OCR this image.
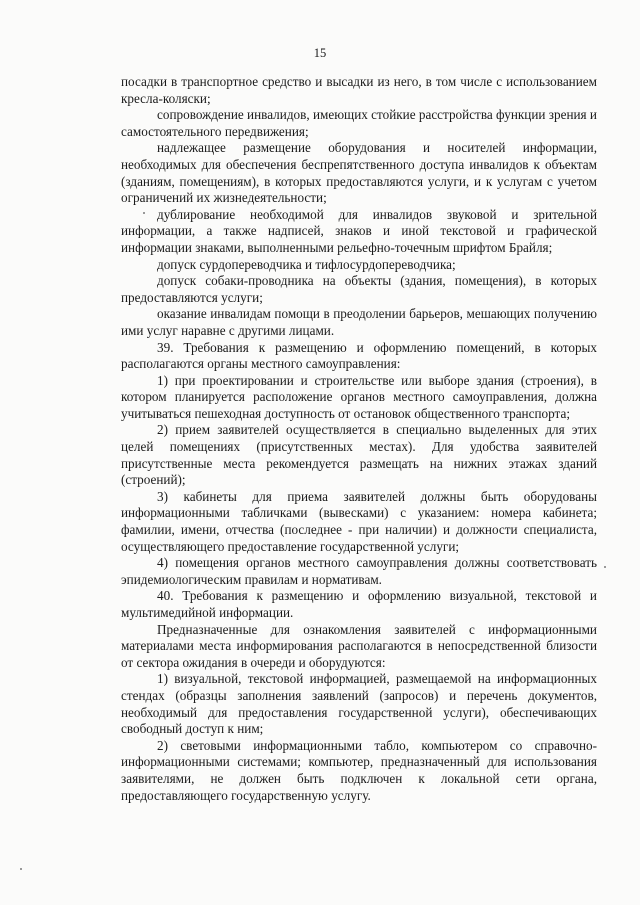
15

посадки в транспортное средство и высадки из него, в том числе с использованием кресла-коляски;

сопровождение инвалидов, имеющих стойкие расстройства функции зрения и самостоятельного передвижения;

надлежащее размещение оборудования и носителей информации, необходимых для обеспечения беспрепятственного доступа инвалидов к объектам (зданиям, помещениям), в которых предоставляются услуги, и к услугам с учетом ограничений их жизнедеятельности;

дублирование необходимой для инвалидов звуковой и зрительной информации, а также надписей, знаков и иной текстовой и графической информации знаками, выполненными рельефно-точечным шрифтом Брайля;

допуск сурдопереводчика и тифлосурдопереводчика;

допуск собаки-проводника на объекты (здания, помещения), в которых предоставляются услуги;

оказание инвалидам помощи в преодолении барьеров, мешающих получению ими услуг наравне с другими лицами.

39. Требования к размещению и оформлению помещений, в которых располагаются органы местного самоуправления:

1) при проектировании и строительстве или выборе здания (строения), в котором планируется расположение органов местного самоуправления, должна учитываться пешеходная доступность от остановок общественного транспорта;

2) прием заявителей осуществляется в специально выделенных для этих целей помещениях (присутственных местах). Для удобства заявителей присутственные места рекомендуется размещать на нижних этажах зданий (строений);

3) кабинеты для приема заявителей должны быть оборудованы информационными табличками (вывесками) с указанием: номера кабинета; фамилии, имени, отчества (последнее - при наличии) и должности специалиста, осуществляющего предоставление государственной услуги;

4) помещения органов местного самоуправления должны соответствовать эпидемиологическим правилам и нормативам.

40. Требования к размещению и оформлению визуальной, текстовой и мультимедийной информации.

Предназначенные для ознакомления заявителей с информационными материалами места информирования располагаются в непосредственной близости от сектора ожидания в очереди и оборудуются:

1) визуальной, текстовой информацией, размещаемой на информационных стендах (образцы заполнения заявлений (запросов) и перечень документов, необходимый для предоставления государственной услуги), обеспечивающих свободный доступ к ним;

2) световыми информационными табло, компьютером со справочно-информационными системами; компьютер, предназначенный для использования заявителями, не должен быть подключен к локальной сети органа, предоставляющего государственную услугу.
